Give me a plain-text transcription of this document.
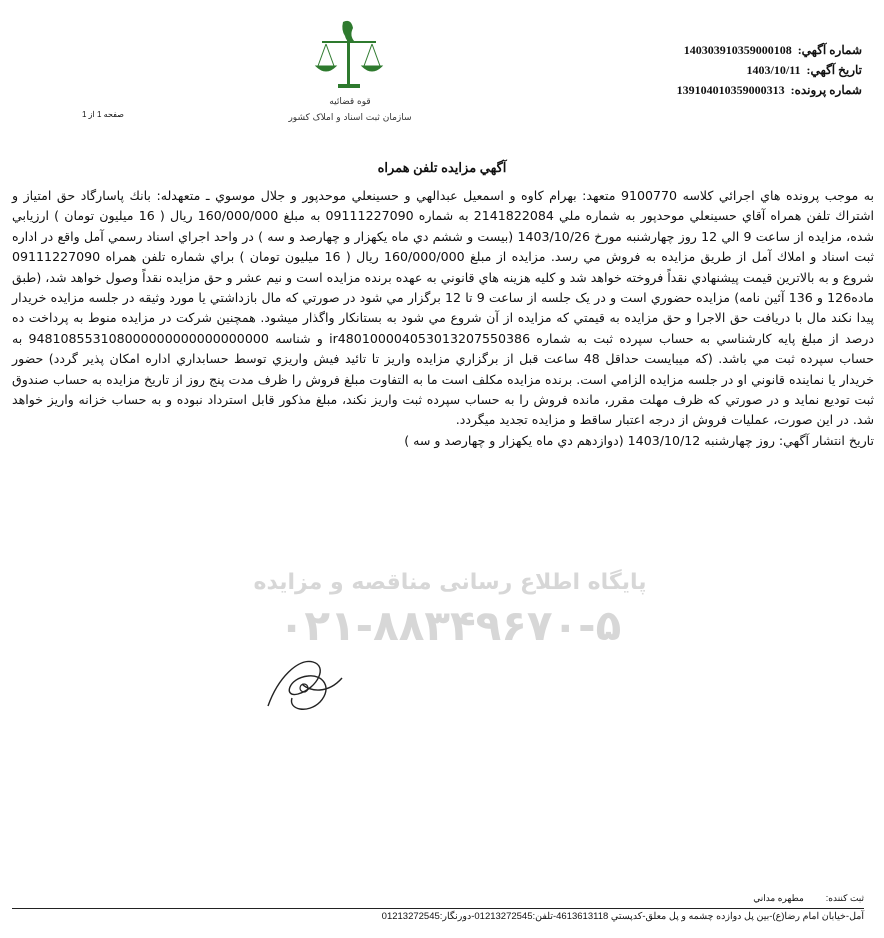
شماره آگهي:140303910359000108
تاريخ آگهي:1403/10/11
شماره پرونده:139104010359000313
قوه قضائیه
سازمان ثبت اسناد و املاک کشور
صفحه 1 از 1
آگهي مزايده تلفن همراه

به موجب پرونده هاي اجرائي کلاسه 9100770 متعهد: بهرام کاوه و اسمعيل عبدالهي و حسينعلي موحدپور و جلال موسوي ـ متعهدله: بانك پاسارگاد حق امتياز و اشتراك تلفن همراه آقاي حسينعلي موحدپور به شماره ملي 2141822084 به شماره 09111227090 به مبلغ 160/000/000 ريال ( 16 ميليون تومان ) ارزيابي شده، مزايده از ساعت 9 الي 12 روز چهارشنبه مورخ 1403/10/26 (بيست و ششم دي ماه يكهزار و چهارصد و سه ) در واحد اجراي اسناد رسمي آمل واقع در اداره ثبت اسناد و املاك آمل از طريق مزايده به فروش مي رسد. مزايده از مبلغ 160/000/000 ريال ( 16 ميليون تومان ) براي شماره تلفن همراه 09111227090 شروع و به بالاترين قيمت پيشنهادي نقداً فروخته خواهد شد و كليه هزينه هاي قانوني به عهده برنده مزايده است و نيم عشر و حق مزايده نقداً وصول خواهد شد، (طبق ماده126 و 136 آئين نامه) مزايده حضوري است و در يک جلسه از ساعت 9 تا 12 برگزار مي شود در صورتي كه مال بازداشتي يا مورد وثيقه در جلسه مزايده خريدار پيدا نكند مال با دريافت حق الاجرا و حق مزايده به قيمتي كه مزايده از آن شروع مي شود به بستانكار واگذار ميشود. همچنين شركت در مزايده منوط به پرداخت ده درصد از مبلغ پايه كارشناسي به حساب سپرده ثبت به شماره ir480100004053013207550386 و شناسه 948108553108000000000000000000 به حساب سپرده ثبت مي باشد. (كه ميبايست حداقل 48 ساعت قبل از برگزاري مزايده واريز تا تائيد فيش واريزي توسط حسابداري اداره امكان پذير گردد) حضور خريدار يا نماينده قانوني او در جلسه مزايده الزامي است. برنده مزايده مكلف است ما به التفاوت مبلغ فروش را ظرف مدت پنج روز از تاريخ مزايده به حساب صندوق ثبت توديع نمايد و در صورتي كه ظرف مهلت مقرر، مانده فروش را به حساب سپرده ثبت واريز نكند، مبلغ مذكور قابل استرداد نبوده و به حساب خزانه واريز خواهد شد. در اين صورت، عمليات فروش از درجه اعتبار ساقط و مزايده تجديد ميگردد.

تاريخ انتشار آگهي: روز چهارشنبه 1403/10/12 (دوازدهم دي ماه يكهزار و چهارصد و سه )

پایگاه اطلاع رسانی مناقصه و مزایده
۰۲۱-۸۸۳۴۹۶۷۰-۵
ثبت كننده:مطهره مداني
آمل-خيابان امام رضا(ع)-بين پل دوازده چشمه و پل معلق-كدپستي 4613613118-تلفن:01213272545-دورنگار:01213272545
